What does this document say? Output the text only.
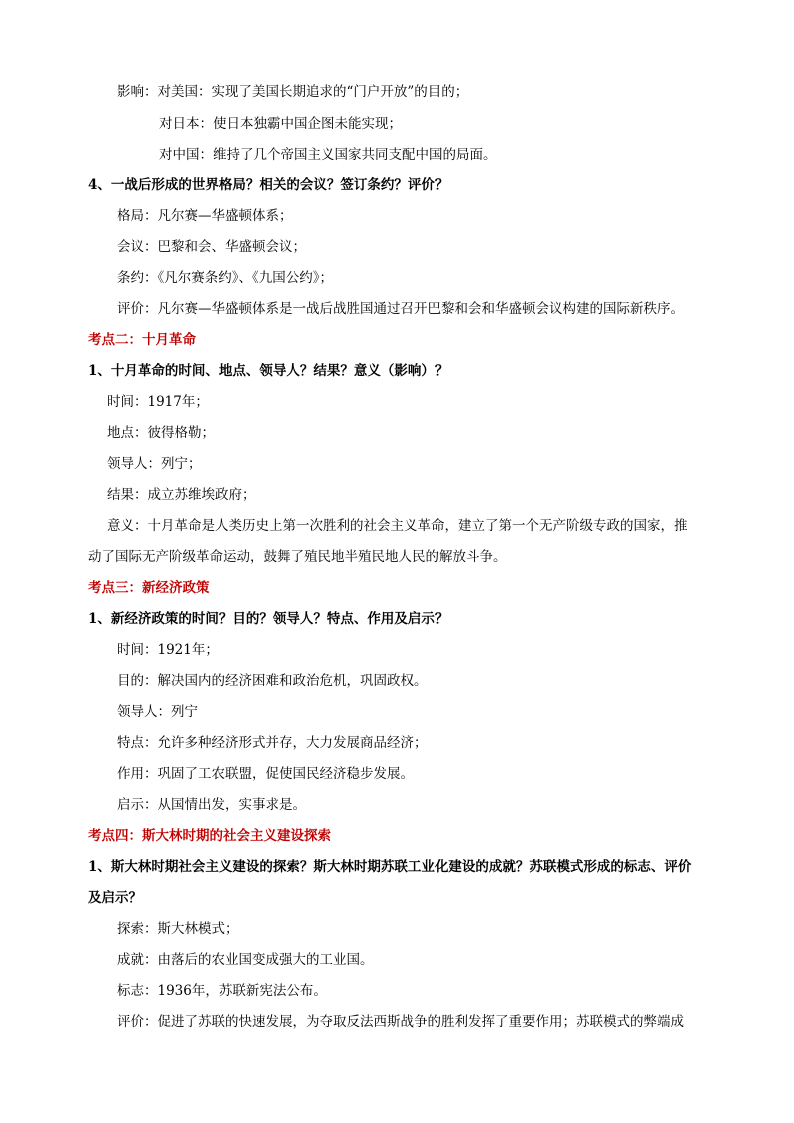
影响：对美国：实现了美国长期追求的“门户开放”的目的；
对日本：使日本独霸中国企图未能实现；
对中国：维持了几个帝国主义国家共同支配中国的局面。
4、一战后形成的世界格局？相关的会议？签订条约？评价？
格局：凡尔赛—华盛顿体系；
会议：巴黎和会、华盛顿会议；
条约：《凡尔赛条约》、《九国公约》；
评价：凡尔赛—华盛顿体系是一战后战胜国通过召开巴黎和会和华盛顿会议构建的国际新秩序。
考点二：十月革命
1、十月革命的时间、地点、领导人？结果？意义（影响）？
时间：1917年；
地点：彼得格勒；
领导人：列宁；
结果：成立苏维埃政府；
意义：十月革命是人类历史上第一次胜利的社会主义革命，建立了第一个无产阶级专政的国家，推
动了国际无产阶级革命运动，鼓舞了殖民地半殖民地人民的解放斗争。
考点三：新经济政策
1、新经济政策的时间？目的？领导人？特点、作用及启示？
时间：1921年；
目的：解决国内的经济困难和政治危机，巩固政权。
领导人：列宁
特点：允许多种经济形式并存，大力发展商品经济；
作用：巩固了工农联盟，促使国民经济稳步发展。
启示：从国情出发，实事求是。
考点四：斯大林时期的社会主义建设探索
1、斯大林时期社会主义建设的探索？斯大林时期苏联工业化建设的成就？苏联模式形成的标志、评价
及启示？
探索：斯大林模式；
成就：由落后的农业国变成强大的工业国。
标志：1936年，苏联新宪法公布。
评价：促进了苏联的快速发展，为夺取反法西斯战争的胜利发挥了重要作用；苏联模式的弊端成
